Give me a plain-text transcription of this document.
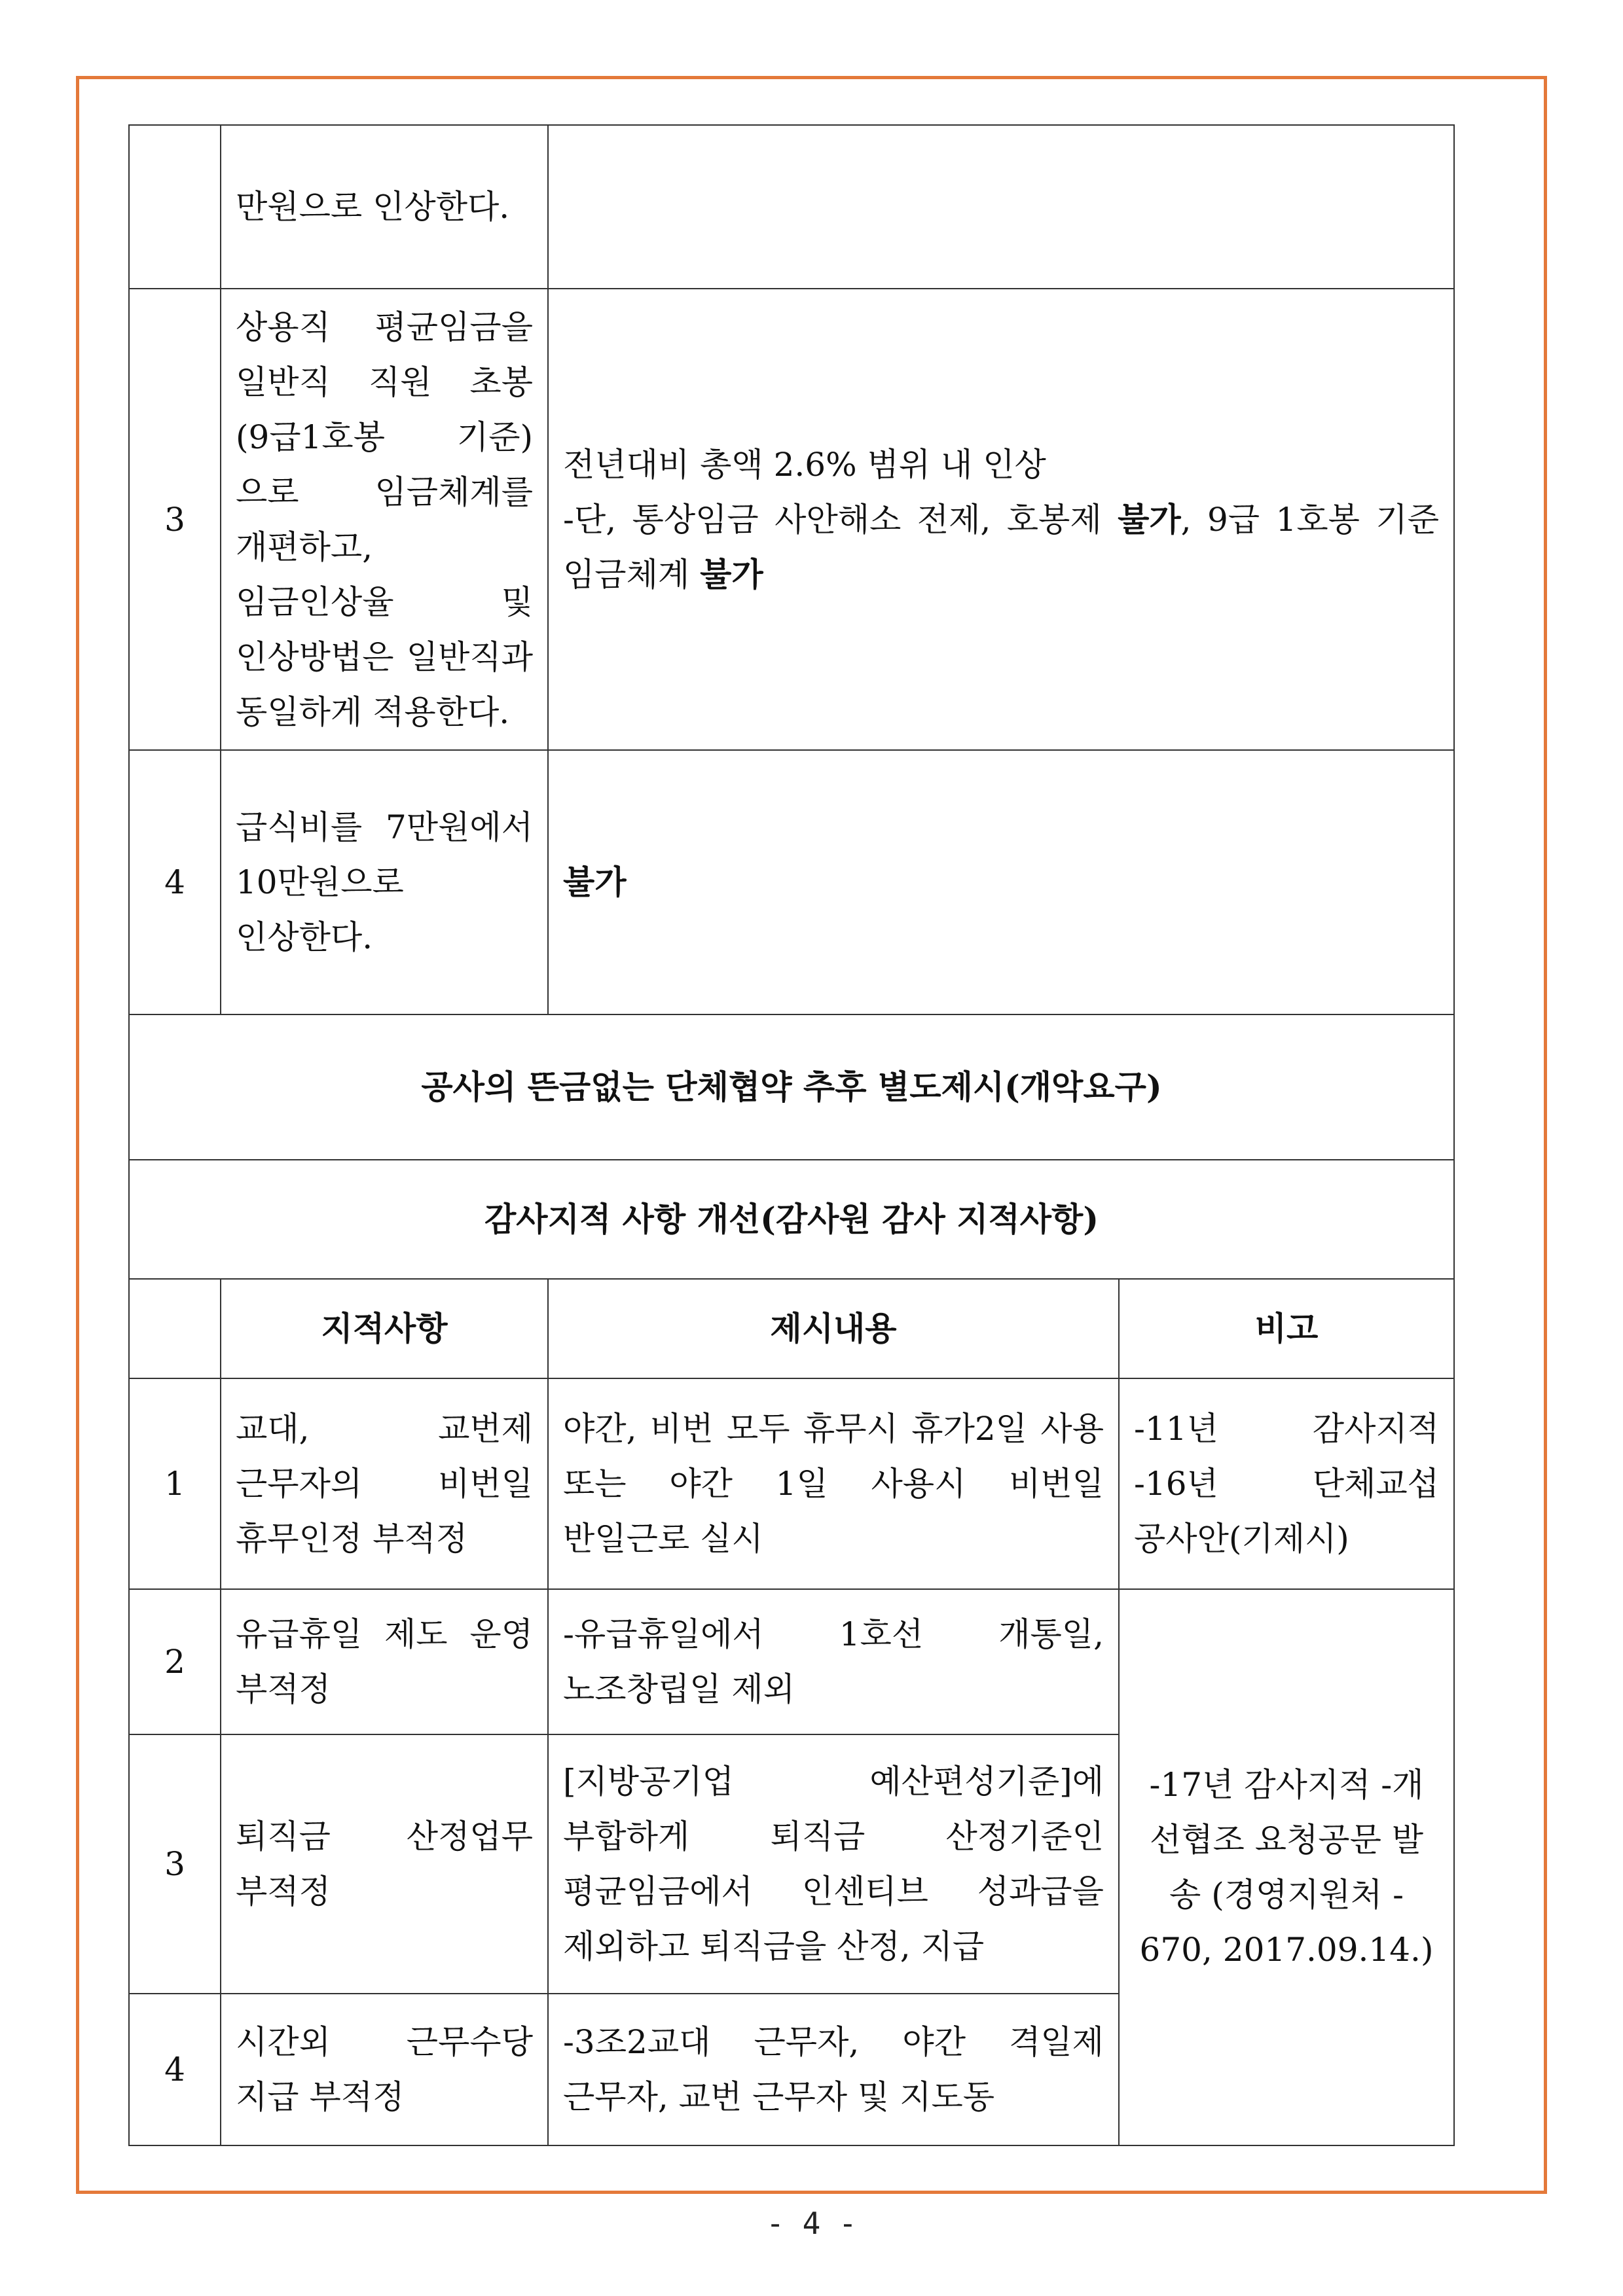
	만원으로 인상한다.		
3	상용직 평균임금을 일반직 직원 초봉(9급1호봉 기준)으로 임금체계를 개편하고, 임금인상율 및 인상방법은 일반직과 동일하게 적용한다.	전년대비 총액 2.6% 범위 내 인상
-단, 통상임금 사안해소 전제, 호봉제 불가, 9급 1호봉 기준 임금체계 불가	
4	급식비를 7만원에서 10만원으로 인상한다.	불가	
공사의 뜬금없는 단체협약 추후 별도제시(개악요구)			
감사지적 사항 개선(감사원 감사 지적사항)			
	지적사항	제시내용	비고
1	교대, 교번제 근무자의 비번일 휴무인정 부적정	야간, 비번 모두 휴무시 휴가2일 사용 또는 야간 1일 사용시 비번일 반일근로 실시	-11년 감사지적 -16년 단체교섭 공사안(기제시)
2	유급휴일 제도 운영 부적정	-유급휴일에서 1호선 개통일, 노조창립일 제외	-17년 감사지적 -개선협조 요청공문 발송 (경영지원처 - 670, 2017.09.14.)
3	퇴직금 산정업무 부적정	[지방공기업 예산편성기준]에 부합하게 퇴직금 산정기준인 평균임금에서 인센티브 성과급을 제외하고 퇴직금을 산정, 지급	
4	시간외 근무수당 지급 부적정	-3조2교대 근무자, 야간 격일제 근무자, 교번 근무자 및 지도동	
- 4 -
